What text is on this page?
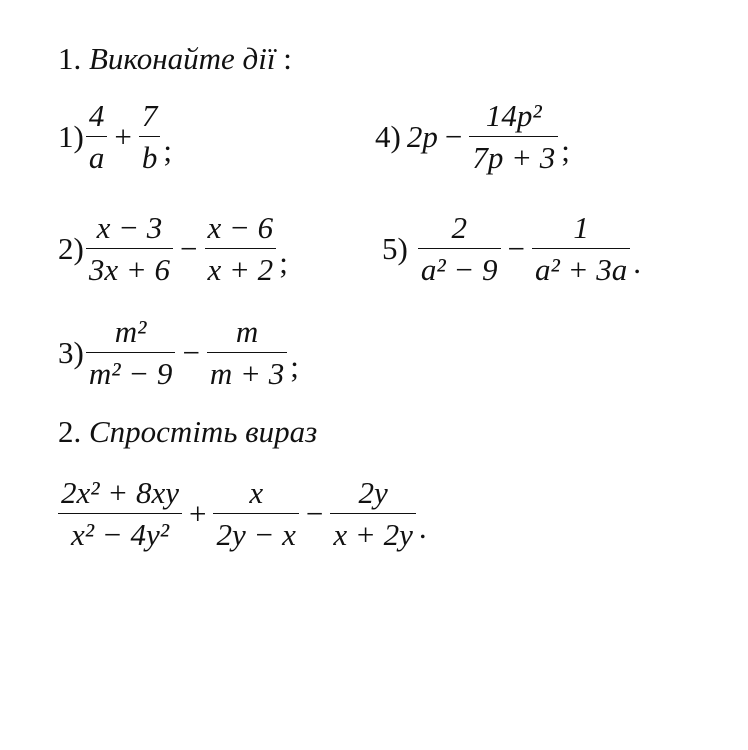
1. Виконайте дії :
$1) \frac{4}{a} + \frac{7}{b}$ ;
$2) \frac{x - 3}{3x + 6} - \frac{x - 6}{x + 2}$ ;
$3) \frac{\text{m²}}{\text{m² − 9}} - \frac{m}{m + 3}$ ;
4) $2p - \frac{\text{14p²}}{7p + 3}$ ;
$5) \frac{2}{\text{a² − 9}} - \frac{1}{\text{a² + 3a}}$ .
2. Спростіть вираз
$\frac{\text{2x² + 8xy}}{\text{x² − 4y²}} + \frac{x}{2y - x} - \frac{2y}{x + 2y}$ .
